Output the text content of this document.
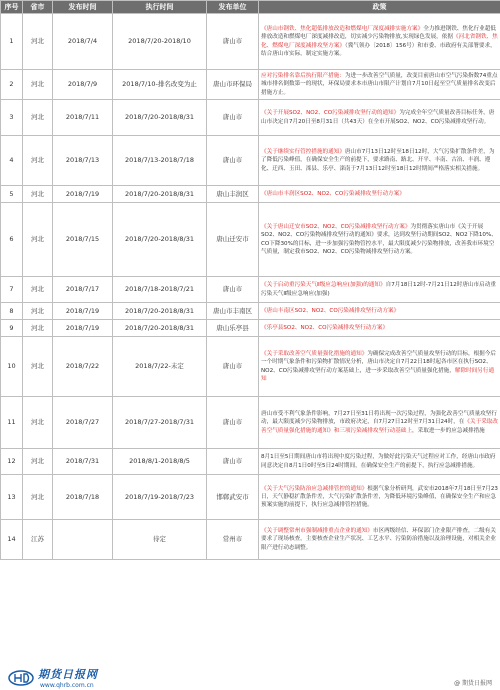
序号	省市	发布时间	执行时间	发布单位	政策
1	河北	2018/7/4	2018/7/20-2018/10	唐山市	《唐山市钢铁、焦化超低排放改造和燃煤电厂深度减排实施方案》全力推进钢铁、焦化行业超低排放改造和燃煤电厂深度减排改造，切实减少污染物排放,实现绿色发展，依据《河北省钢铁、焦化、燃煤电厂深度减排攻坚方案》（冀气领办〔2018〕156号）和市委、市政府有关部署要求，结合唐山市实际，制定实施方案。
2	河北	2018/7/9	2018/7/10-排名改变为止	唐山市环保局	应对污染排名靠后执行限产措施：为进一步改善空气质量，改变目前唐山市空气污染指数74重点城市排名倒数第一的现状，环保局要求本市唐山市限产计划自7月10日起至空气质量排名改变后措施方止。
3	河北	2018/7/11	2018/7/20-2018/8/31	唐山市	《关于开展SO2、NO2、CO污染减排攻坚行动的通知》为完成全年空气质量改善目标任务，唐山市决定自7月20日至8月31日（共43天）在全市开展SO2、NO2、CO污染减排攻坚行动。
4	河北	2018/7/13	2018/7/13-2018/7/18	唐山市	《关于继续实行管控措施的通知》唐山市7月13日12时至18日12时，大气污染扩散条件差，为了降低污染峰值，在确保安全生产的前提下，要求路南、路北、开平、丰南、古冶、丰润、遵化、迁西、玉田、滦县、乐亭、滦南于7月13日12时至18日12时期间严格落实相关措施。
5	河北	2018/7/19	2018/7/20-2018/8/31	唐山丰润区	《唐山市丰润区SO2、NO2、CO污染减排攻坚行动方案》
6	河北	2018/7/15	2018/7/20-2018/8/31	唐山迁安市	《关于唐山迁安市SO2、NO2、CO污染减排攻坚行动方案》为贯彻落实唐山市《关于开展SO2、NO2、CO污染物减排攻坚行动的通知》要求，达到攻坚行动期间SO2、NO2下降10%、CO下降30%的目标，进一步加强污染物管控水平，最大限度减少污染物排放，改善我市环境空气质量，制定我市SO2、NO2、CO污染物减排攻坚行动方案。
7	河北	2018/7/17	2018/7/18-2018/7/21	唐山市	《关于启动重污染天气Ⅱ级应急响应(加强)的通知》自7月18日12时-7月21日12时唐山市启动重污染天气Ⅱ级应急响应(加强)
8	河北	2018/7/19	2018/7/20-2018/8/31	唐山市丰南区	《唐山丰南区SO2、NO2、CO污染减排攻坚行动方案》
9	河北	2018/7/19	2018/7/20-2018/8/31	唐山乐亭县	《乐亭县SO2、NO2、CO污染减排攻坚行动方案》
10	河北	2018/7/22	2018/7/22-未定	唐山市	《关于采取改善空气质量强化措施的通知》为确保完成改善空气质量攻坚行动的目标，根据今后一个时期气象条件和污染物扩散情况分析，唐山市决定自7月22日18时起各市区在执行SO2、NO2、CO污染减排攻坚行动方案基础上，进一步采取改善空气质量强化措施，解除时间另行通知
11	河北	2018/7/27	2018/7/27-2018/7/31	唐山市	唐山市受不利气象条件影响，7月27日至31日将出现一次污染过程，为强化改善空气质量攻坚行动，最大限度减少污染物排放，市政府决定，自7月27日12时至7月31日24时，在《关于采取改善空气质量强化措施的通知》和三项污染减排攻坚行动基础上，采取进一步的应急减排措施
12	河北	2018/7/31	2018/8/1-2018/8/5	唐山市	8月1日至5日期间唐山市将出现中度污染过程，为做好此污染天气过程应对工作，经唐山市政府同意决定自8月1日0时至5日24时期间，在确保安全生产的前提下，执行应急减排措施。
13	河北	2018/7/18	2018/7/19-2018/7/23	邯郸武安市	《关于大气污染防治应急减排管控的通知》根据气象分析研判，武安市2018年7月18日至7月23日，天气静稳扩散条件差，大气污染扩散条件差，为降低环境污染峰值，在确保安全生产和应急预案实施的前提下，执行应急减排管控措施。
14	江苏		待定	常州市	《关于调整常州市强制减排重点企业的通知》市区两级经信、环保部门企业限产排查，二级有关要求了现场核查，主要核查企业生产状况、工艺水平、污染防治措施以及治理设施，对相关企业限产进行动态调整。
期货日报网
www.qhrb.com.cn	@ 期货日报网
